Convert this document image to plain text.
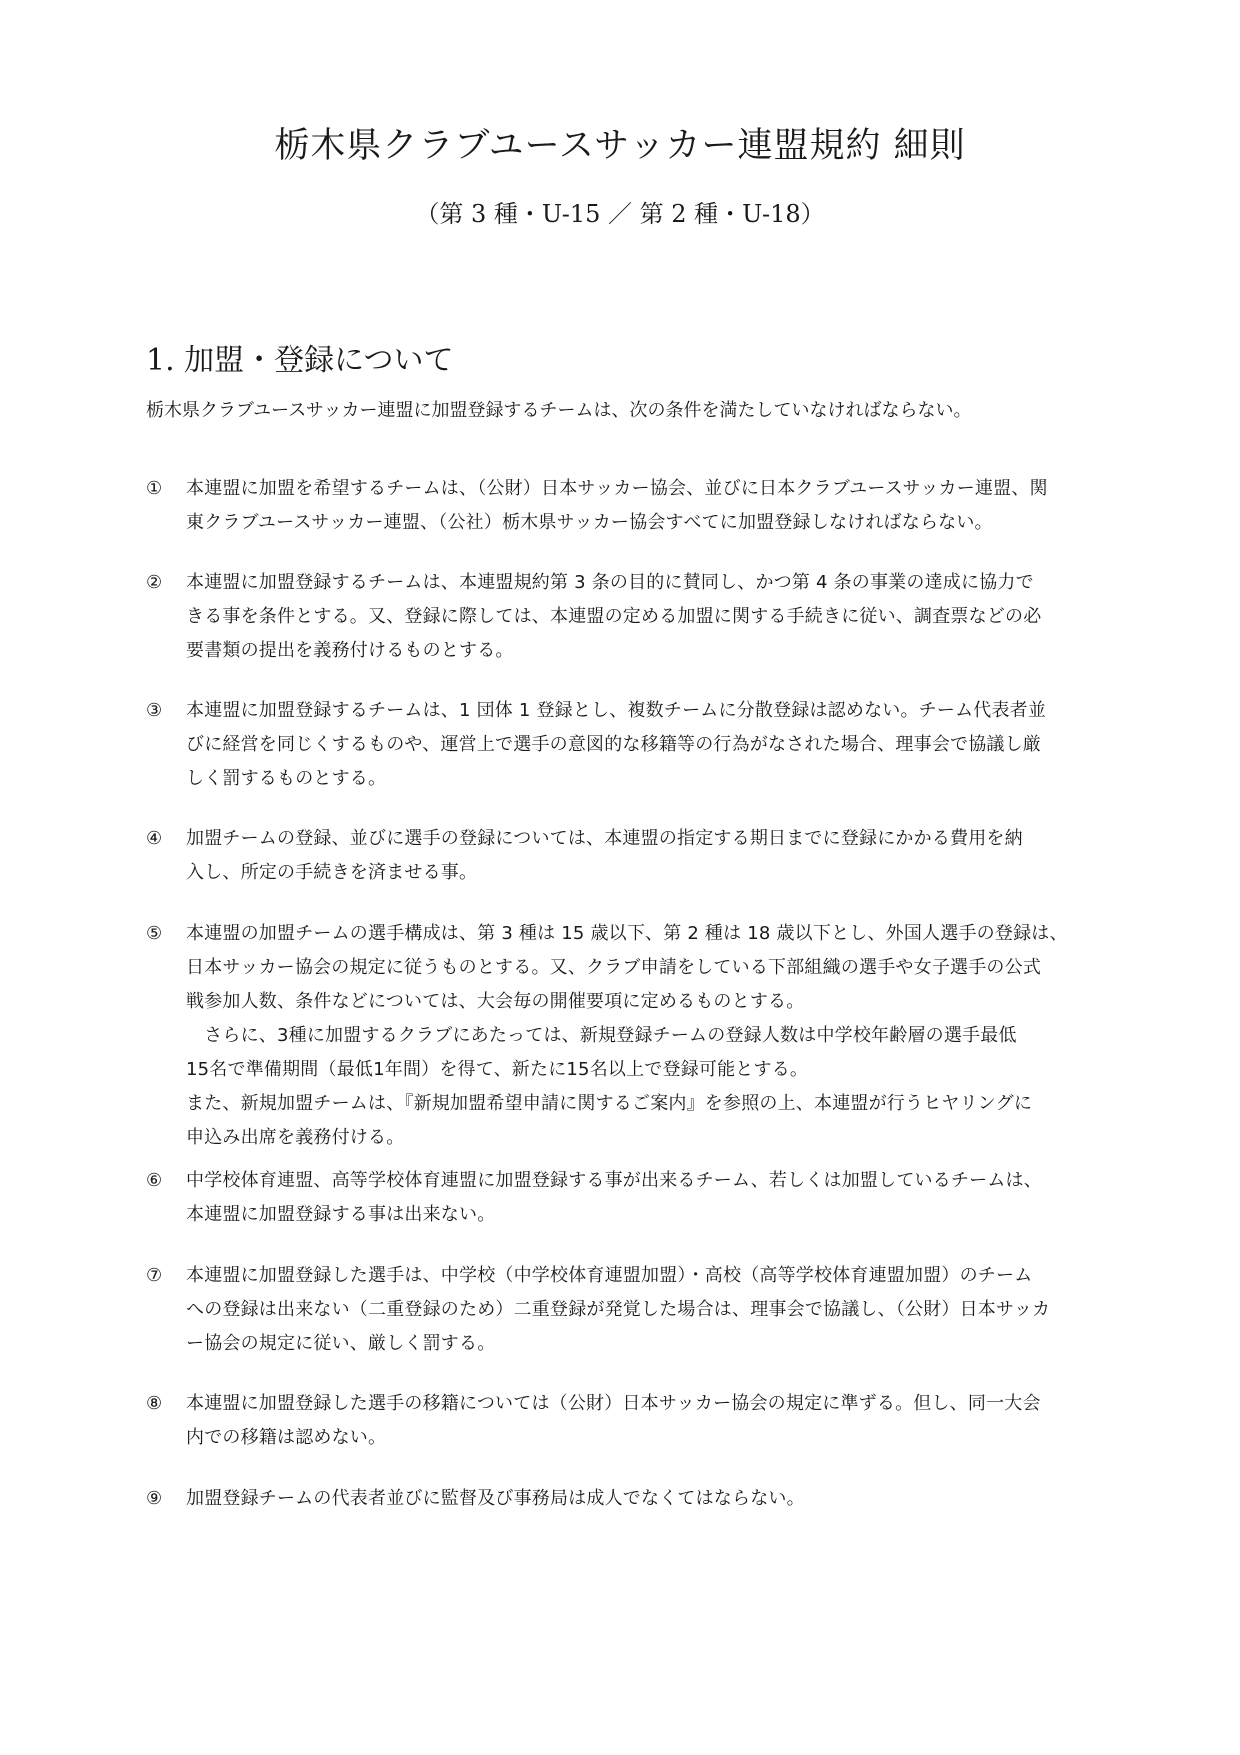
栃木県クラブユースサッカー連盟規約 細則
（第 3 種・U-15 ／ 第 2 種・U-18）
1. 加盟・登録について
栃木県クラブユースサッカー連盟に加盟登録するチームは、次の条件を満たしていなければならない。
①	本連盟に加盟を希望するチームは、（公財）日本サッカー協会、並びに日本クラブユースサッカー連盟、関
東クラブユースサッカー連盟、（公社）栃木県サッカー協会すべてに加盟登録しなければならない。
②	本連盟に加盟登録するチームは、本連盟規約第 3 条の目的に賛同し、かつ第 4 条の事業の達成に協力で
きる事を条件とする。又、登録に際しては、本連盟の定める加盟に関する手続きに従い、調査票などの必
要書類の提出を義務付けるものとする。
③	本連盟に加盟登録するチームは、1 団体 1 登録とし、複数チームに分散登録は認めない。チーム代表者並
びに経営を同じくするものや、運営上で選手の意図的な移籍等の行為がなされた場合、理事会で協議し厳
しく罰するものとする。
④	加盟チームの登録、並びに選手の登録については、本連盟の指定する期日までに登録にかかる費用を納
入し、所定の手続きを済ませる事。
⑤	本連盟の加盟チームの選手構成は、第 3 種は 15 歳以下、第 2 種は 18 歳以下とし、外国人選手の登録は、
日本サッカー協会の規定に従うものとする。又、クラブ申請をしている下部組織の選手や女子選手の公式
戦参加人数、条件などについては、大会毎の開催要項に定めるものとする。
　さらに、3種に加盟するクラブにあたっては、新規登録チームの登録人数は中学校年齢層の選手最低
15名で準備期間（最低1年間）を得て、新たに15名以上で登録可能とする。
また、新規加盟チームは、『新規加盟希望申請に関するご案内』を参照の上、本連盟が行うヒヤリングに
申込み出席を義務付ける。
⑥	中学校体育連盟、高等学校体育連盟に加盟登録する事が出来るチーム、若しくは加盟しているチームは、
本連盟に加盟登録する事は出来ない。
⑦	本連盟に加盟登録した選手は、中学校（中学校体育連盟加盟）・高校（高等学校体育連盟加盟）のチーム
への登録は出来ない（二重登録のため）二重登録が発覚した場合は、理事会で協議し、（公財）日本サッカ
ー協会の規定に従い、厳しく罰する。
⑧	本連盟に加盟登録した選手の移籍については（公財）日本サッカー協会の規定に準ずる。但し、同一大会
内での移籍は認めない。
⑨	加盟登録チームの代表者並びに監督及び事務局は成人でなくてはならない。
